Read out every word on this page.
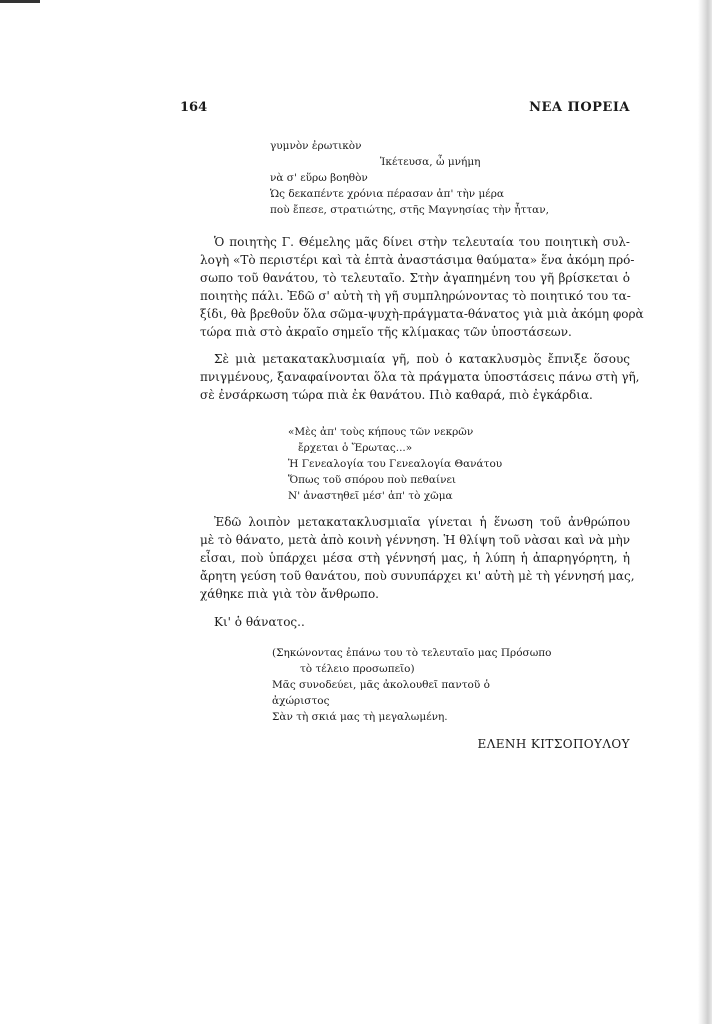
164	ΝΕΑ ΠΟΡΕΙΑ
γυμνὸν ἐρωτικὸν
Ἱκέτευσα, ὦ μνήμη
νὰ σ' εὕρω βοηθὸν
Ὡς δεκαπέντε χρόνια πέρασαν ἀπ' τὴν μέρα
ποὺ ἔπεσε, στρατιώτης, στῆς Μαγνησίας τὴν ἧτταν,
Ὁ ποιητὴς Γ. Θέμελης μᾶς δίνει στὴν τελευταία του ποιητικὴ συλ-
λογὴ «Τὸ περιστέρι καὶ τὰ ἑπτὰ ἀναστάσιμα θαύματα» ἕνα ἀκόμη πρό-
σωπο τοῦ θανάτου, τὸ τελευταῖο. Στὴν ἀγαπημένη του γῆ βρίσκεται ὁ
ποιητὴς πάλι. Ἐδῶ σ' αὐτὴ τὴ γῆ συμπληρώνοντας τὸ ποιητικό του τα-
ξίδι, θὰ βρεθοῦν ὅλα σῶμα-ψυχὴ-πράγματα-θάνατος γιὰ μιὰ ἀκόμη φορὰ
τώρα πιὰ στὸ ἀκραῖο σημεῖο τῆς κλίμακας τῶν ὑποστάσεων.
Σὲ μιὰ μετακατακλυσμιαία γῆ, ποὺ ὁ κατακλυσμὸς ἔπνιξε ὅσους
πνιγμένους, ξαναφαίνονται ὅλα τὰ πράγματα ὑποστάσεις πάνω στὴ γῆ,
σὲ ἐνσάρκωση τώρα πιὰ ἐκ θανάτου. Πιὸ καθαρά, πιὸ ἐγκάρδια.
«Μὲς ἀπ' τοὺς κήπους τῶν νεκρῶν
ἔρχεται ὁ Ἔρωτας...»
Ἡ Γενεαλογία του Γενεαλογία Θανάτου
Ὅπως τοῦ σπόρου ποὺ πεθαίνει
Ν' ἀναστηθεῖ μέσ' ἀπ' τὸ χῶμα
Ἐδῶ λοιπὸν μετακατακλυσμιαῖα γίνεται ἡ ἕνωση τοῦ ἀνθρώπου
μὲ τὸ θάνατο, μετὰ ἀπὸ κοινὴ γέννηση. Ἡ θλίψη τοῦ νὰσαι καὶ νὰ μὴν
εἶσαι, ποὺ ὑπάρχει μέσα στὴ γέννησή μας, ἡ λύπη ἡ ἀπαρηγόρητη, ἡ
ἄρητη γεύση τοῦ θανάτου, ποὺ συνυπάρχει κι' αὐτὴ μὲ τὴ γέννησή μας,
χάθηκε πιὰ γιὰ τὸν ἄνθρωπο.
Κι' ὁ θάνατος..
(Σηκώνοντας ἐπάνω του τὸ τελευταῖο μας Πρόσωπο
τὸ τέλειο προσωπεῖο)
Μᾶς συνοδεύει, μᾶς ἀκολουθεῖ παντοῦ ὁ
ἀχώριστος
Σὰν τὴ σκιά μας τὴ μεγαλωμένη.
ΕΛΕΝΗ ΚΙΤΣΟΠΟΥΛΟΥ
